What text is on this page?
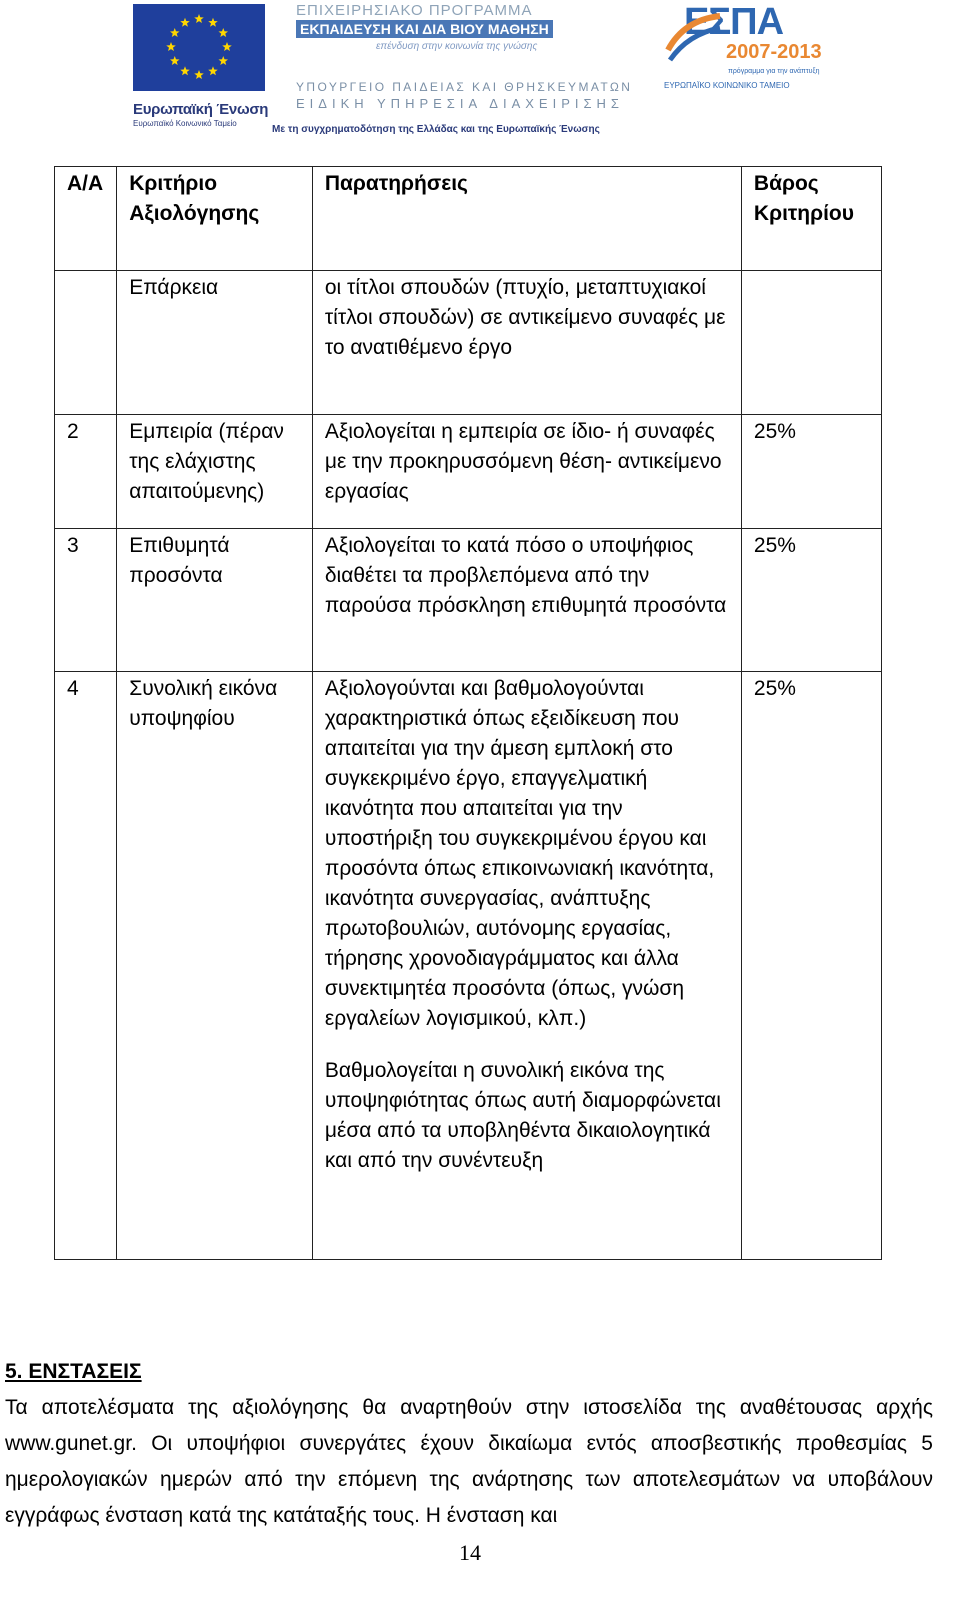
Ευρωπαϊκή Ένωση
Ευρωπαϊκό Κοινωνικό Ταμείο
ΕΠΙΧΕΙΡΗΣΙΑΚΟ ΠΡΟΓΡΑΜΜΑ
ΕΚΠΑΙΔΕΥΣΗ ΚΑΙ ΔΙΑ ΒΙΟΥ ΜΑΘΗΣΗ
επένδυση στην κοινωνία της γνώσης
ΥΠΟΥΡΓΕΙΟ ΠΑΙΔΕΙΑΣ ΚΑΙ ΘΡΗΣΚΕΥΜΑΤΩΝ
ΕΙΔΙΚΗ ΥΠΗΡΕΣΙΑ ΔΙΑΧΕΙΡΙΣΗΣ
Με τη συγχρηματοδότηση της Ελλάδας και της Ευρωπαϊκής Ένωσης
ΕΣΠΑ
2007-2013
πρόγραμμα για την ανάπτυξη
ΕΥΡΩΠΑΪΚΟ ΚΟΙΝΩΝΙΚΟ ΤΑΜΕΙΟ
Α/Α	Κριτήριο Αξιολόγησης	Παρατηρήσεις	Βάρος Κριτηρίου
	Επάρκεια	οι τίτλοι σπουδών (πτυχίο, μεταπτυχιακοί τίτλοι σπουδών) σε αντικείμενο συναφές με το ανατιθέμενο έργο	

2	Εμπειρία (πέραν της ελάχιστης απαιτούμενης)	Αξιολογείται η εμπειρία σε ίδιο- ή συναφές με την προκηρυσσόμενη θέση- αντικείμενο εργασίας	25%
3	Επιθυμητά προσόντα	Αξιολογείται το κατά πόσο ο υποψήφιος διαθέτει τα προβλεπόμενα από την παρούσα πρόσκληση επιθυμητά προσόντα	25%
4	Συνολική εικόνα υποψηφίου	Αξιολογούνται και βαθμολογούνται χαρακτηριστικά όπως εξειδίκευση που απαιτείται για την άμεση εμπλοκή στο συγκεκριμένο έργο, επαγγελματική ικανότητα που απαιτείται για την υποστήριξη του συγκεκριμένου έργου και προσόντα όπως επικοινωνιακή ικανότητα, ικανότητα συνεργασίας, ανάπτυξης πρωτοβουλιών, αυτόνομης εργασίας, τήρησης χρονοδιαγράμματος και άλλα συνεκτιμητέα προσόντα (όπως, γνώση εργαλείων λογισμικού, κλπ.)

Βαθμολογείται η συνολική εικόνα της υποψηφιότητας όπως αυτή διαμορφώνεται μέσα από τα υποβληθέντα δικαιολογητικά και από την συνέντευξη	25%
5. ΕΝΣΤΑΣΕΙΣ

Τα αποτελέσματα της αξιολόγησης θα αναρτηθούν στην ιστοσελίδα της αναθέτουσας αρχής www.gunet.gr. Οι υποψήφιοι συνεργάτες έχουν δικαίωμα εντός αποσβεστικής προθεσμίας 5 ημερολογιακών ημερών από την επόμενη της ανάρτησης των αποτελεσμάτων να υποβάλουν εγγράφως ένσταση κατά της κατάταξής τους. Η ένσταση και

14
